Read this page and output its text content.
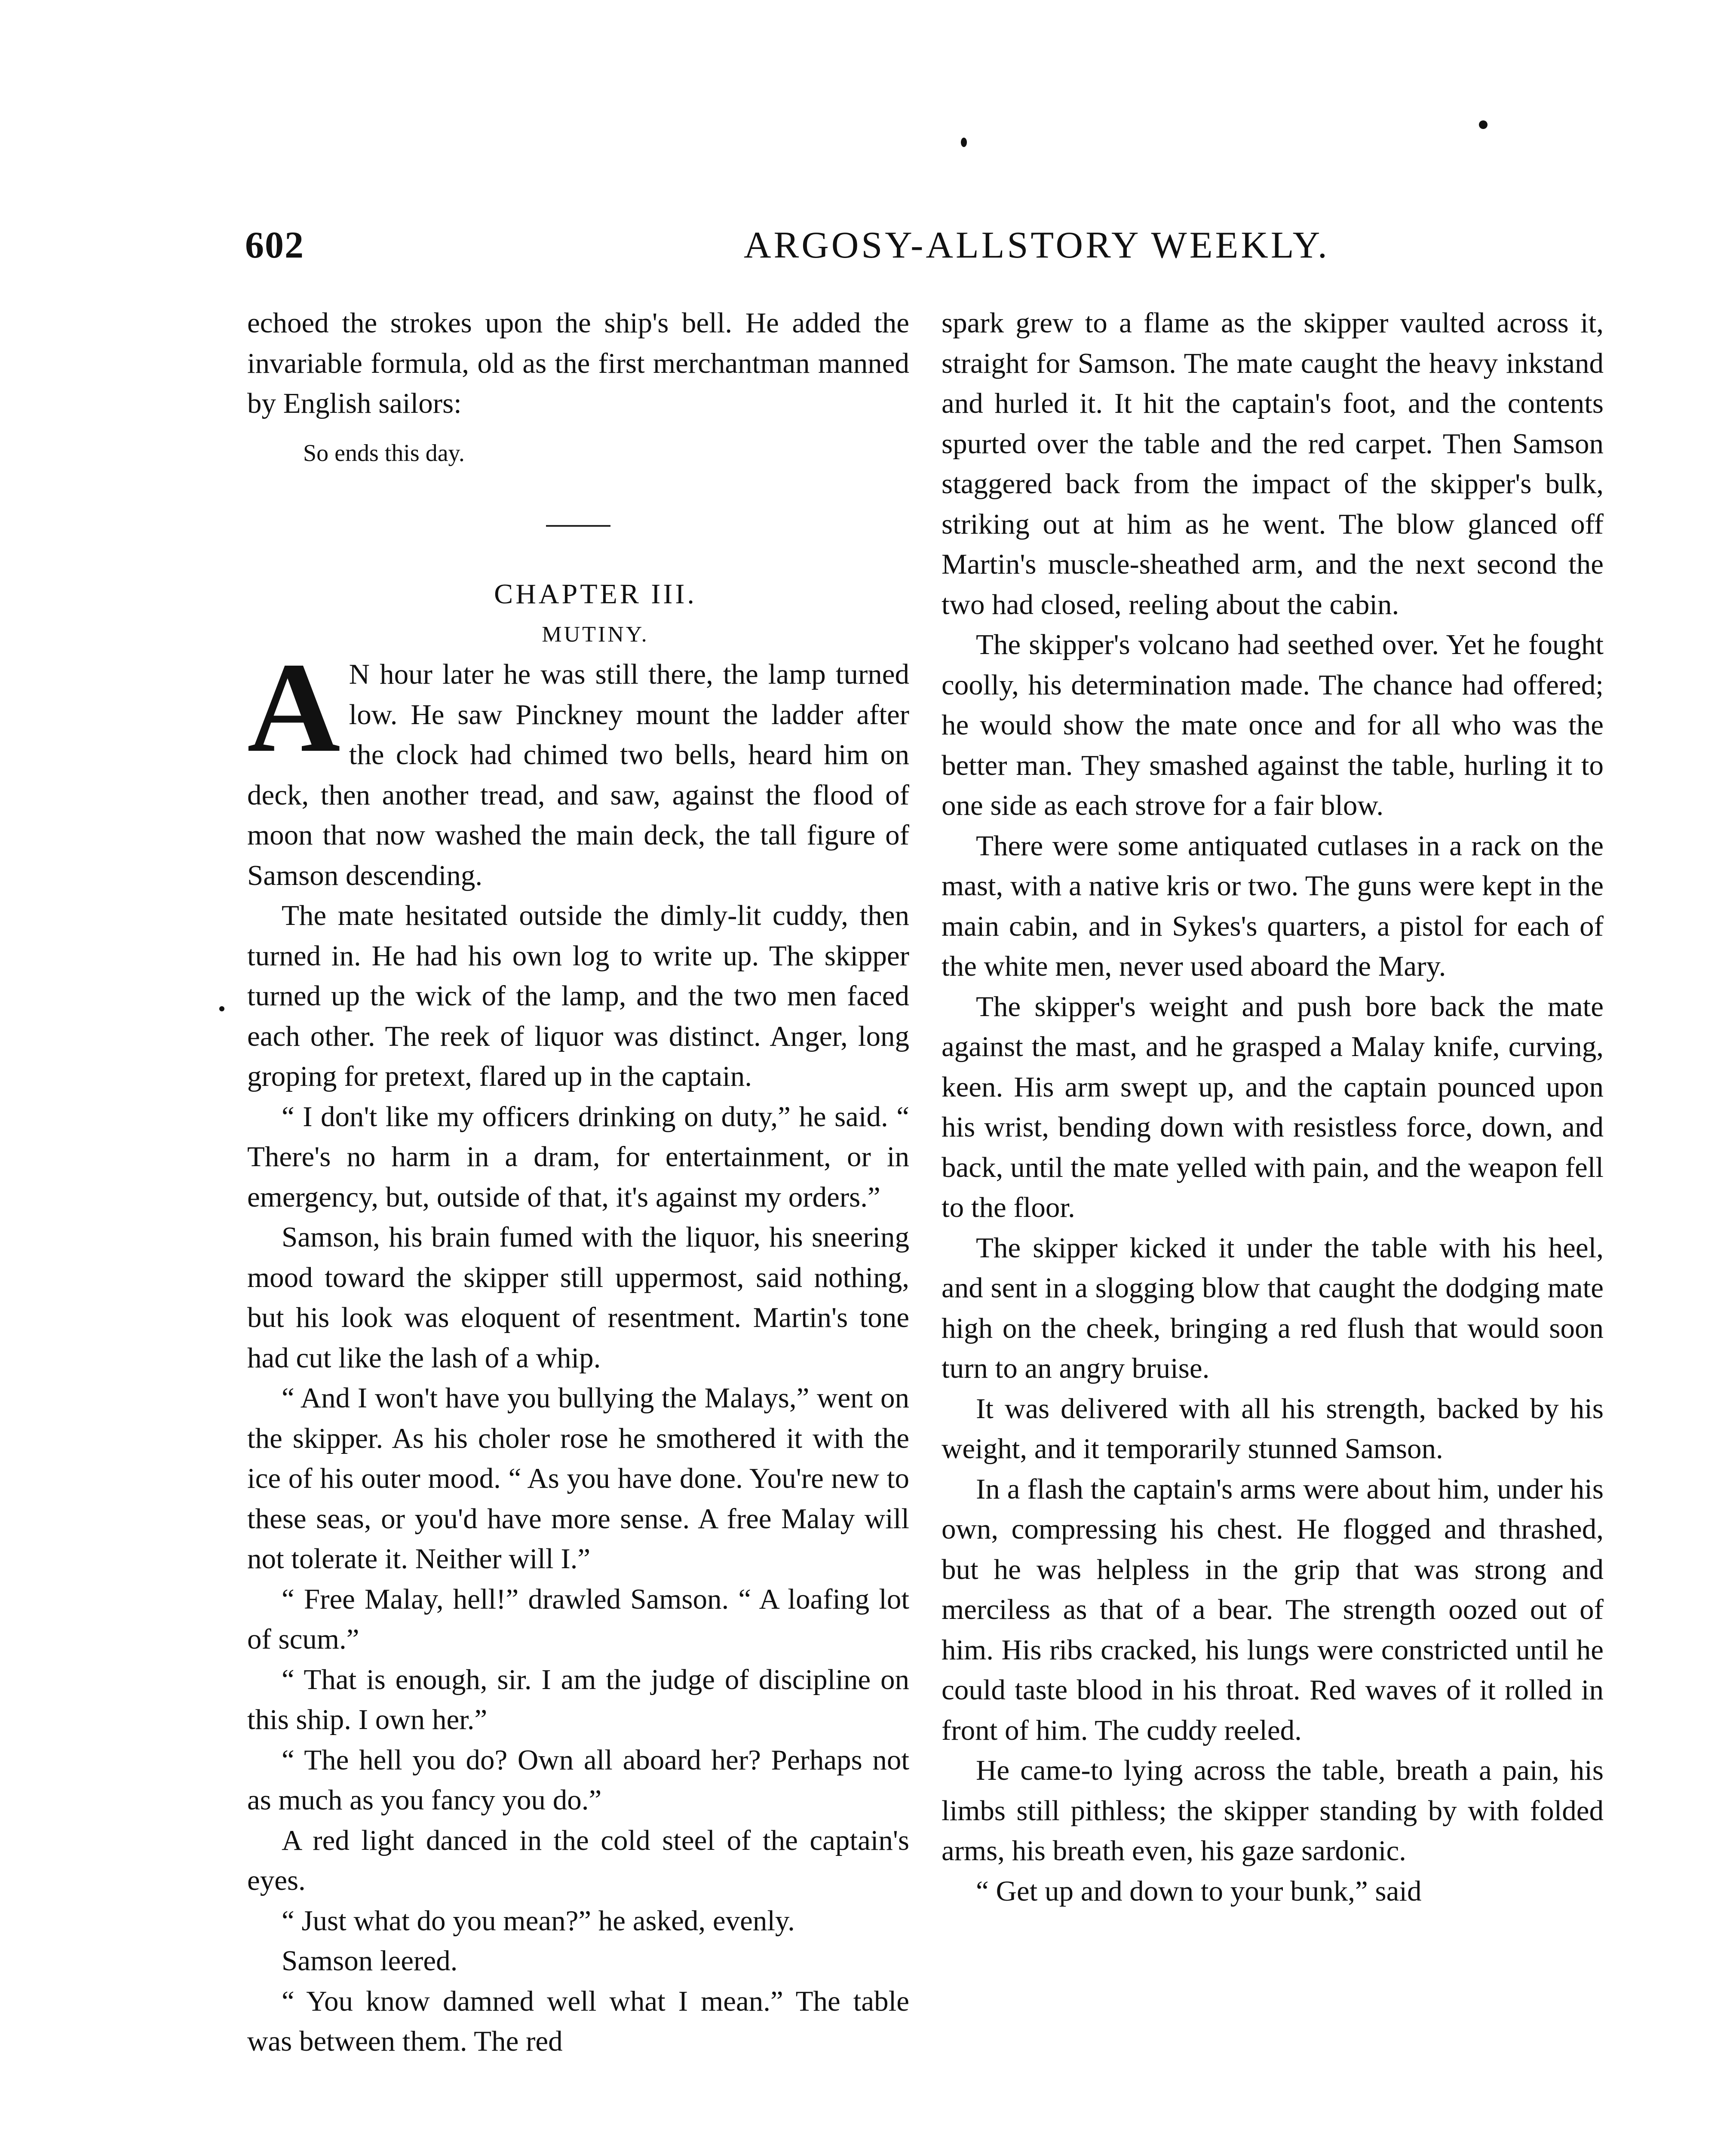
602	ARGOSY-ALLSTORY WEEKLY.

echoed the strokes upon the ship's bell. He added the invariable formula, old as the first merchantman manned by English sailors:

So ends this day.

CHAPTER III.

MUTINY.

A N hour later he was still there, the lamp turned low. He saw Pinckney mount the ladder after the clock had chimed two bells, heard him on deck, then another tread, and saw, against the flood of moon that now washed the main deck, the tall figure of Samson descending.

The mate hesitated outside the dimly-lit cuddy, then turned in. He had his own log to write up. The skipper turned up the wick of the lamp, and the two men faced each other. The reek of liquor was distinct. Anger, long groping for pretext, flared up in the captain.

“ I don't like my officers drinking on duty,” he said. “ There's no harm in a dram, for entertainment, or in emergency, but, outside of that, it's against my orders.”

Samson, his brain fumed with the liquor, his sneering mood toward the skipper still uppermost, said nothing, but his look was eloquent of resentment. Martin's tone had cut like the lash of a whip.

“ And I won't have you bullying the Malays,” went on the skipper. As his choler rose he smothered it with the ice of his outer mood. “ As you have done. You're new to these seas, or you'd have more sense. A free Malay will not tolerate it. Neither will I.”

“ Free Malay, hell!” drawled Samson. “ A loafing lot of scum.”

“ That is enough, sir. I am the judge of discipline on this ship. I own her.”

“ The hell you do? Own all aboard her? Perhaps not as much as you fancy you do.”

A red light danced in the cold steel of the captain's eyes.

“ Just what do you mean?” he asked, evenly.

Samson leered.

“ You know damned well what I mean.” The table was between them. The red

spark grew to a flame as the skipper vaulted across it, straight for Samson. The mate caught the heavy inkstand and hurled it. It hit the captain's foot, and the contents spurted over the table and the red carpet. Then Samson staggered back from the impact of the skipper's bulk, striking out at him as he went. The blow glanced off Martin's muscle-sheathed arm, and the next second the two had closed, reeling about the cabin.

The skipper's volcano had seethed over. Yet he fought coolly, his determination made. The chance had offered; he would show the mate once and for all who was the better man. They smashed against the table, hurling it to one side as each strove for a fair blow.

There were some antiquated cutlases in a rack on the mast, with a native kris or two. The guns were kept in the main cabin, and in Sykes's quarters, a pistol for each of the white men, never used aboard the Mary.

The skipper's weight and push bore back the mate against the mast, and he grasped a Malay knife, curving, keen. His arm swept up, and the captain pounced upon his wrist, bending down with resistless force, down, and back, until the mate yelled with pain, and the weapon fell to the floor.

The skipper kicked it under the table with his heel, and sent in a slogging blow that caught the dodging mate high on the cheek, bringing a red flush that would soon turn to an angry bruise.

It was delivered with all his strength, backed by his weight, and it temporarily stunned Samson.

In a flash the captain's arms were about him, under his own, compressing his chest. He flogged and thrashed, but he was helpless in the grip that was strong and merciless as that of a bear. The strength oozed out of him. His ribs cracked, his lungs were constricted until he could taste blood in his throat. Red waves of it rolled in front of him. The cuddy reeled.

He came-to lying across the table, breath a pain, his limbs still pithless; the skipper standing by with folded arms, his breath even, his gaze sardonic.

“ Get up and down to your bunk,” said
